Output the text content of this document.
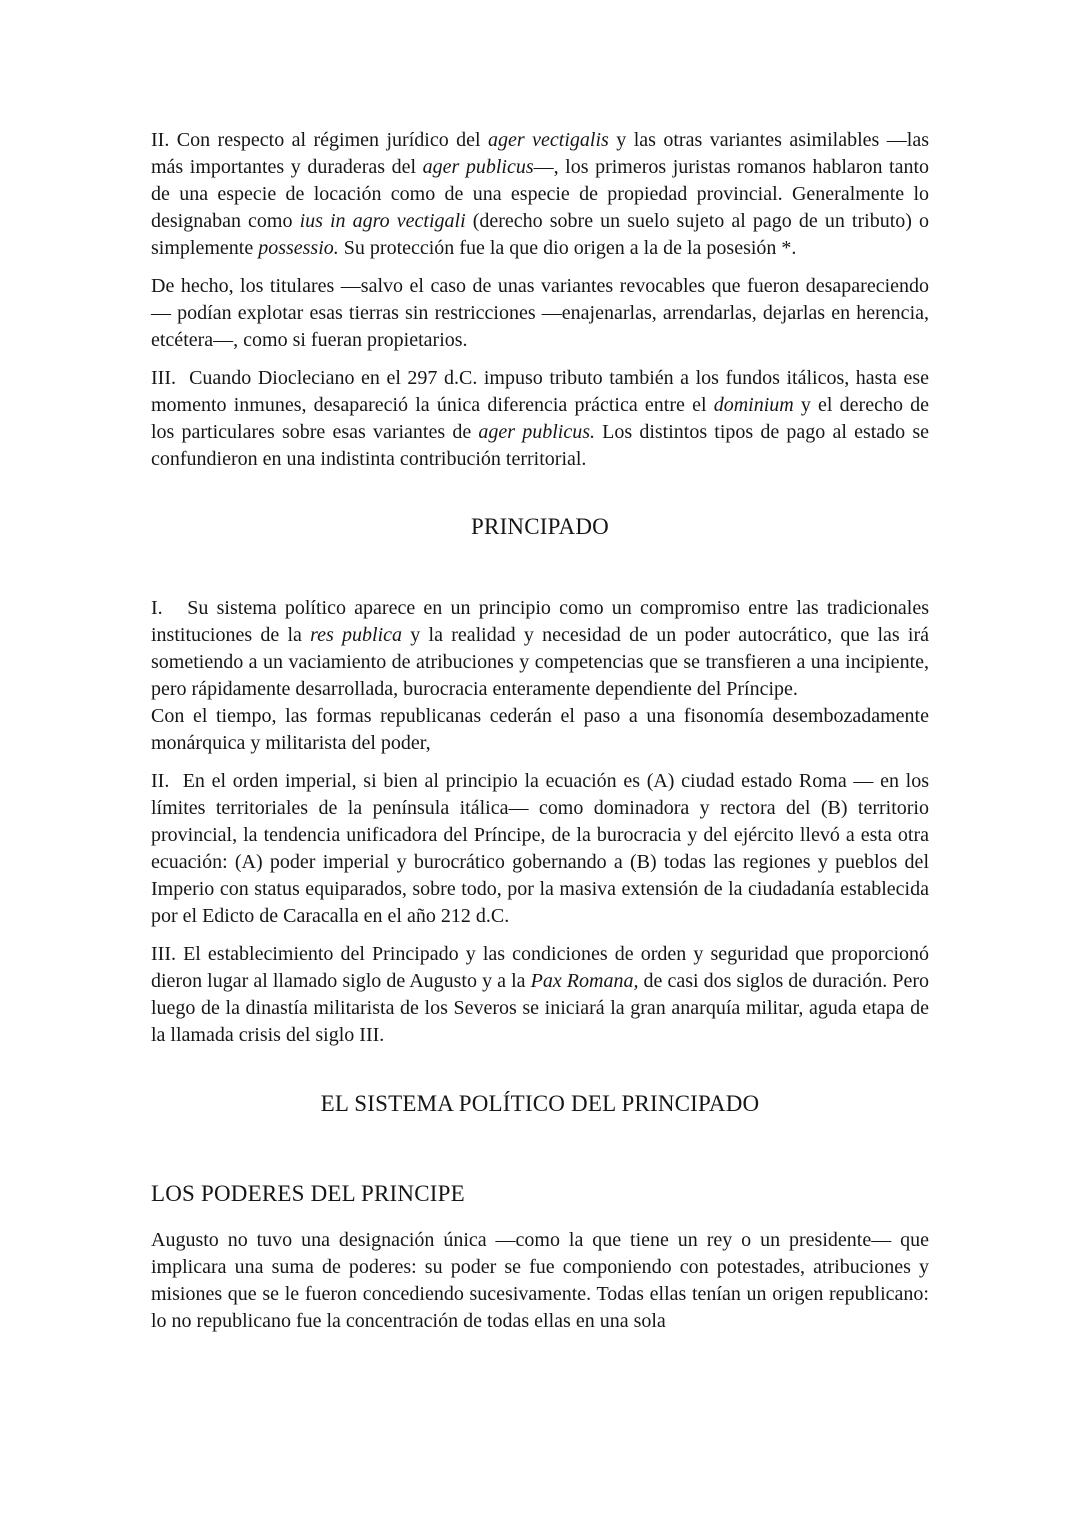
II. Con respecto al régimen jurídico del ager vectigalis y las otras variantes asimilables —las más importantes y duraderas del ager publicus—, los primeros juristas romanos hablaron tanto de una especie de locación como de una especie de propiedad provincial. Generalmente lo designaban como ius in agro vectigali (derecho sobre un suelo sujeto al pago de un tributo) o simplemente possessio. Su protección fue la que dio origen a la de la posesión *.

De hecho, los titulares —salvo el caso de unas variantes revocables que fueron desapareciendo— podían explotar esas tierras sin restricciones —enajenarlas, arrendarlas, dejarlas en herencia, etcétera—, como si fueran propietarios.

III.  Cuando Diocleciano en el 297 d.C. impuso tributo también a los fundos itálicos, hasta ese momento inmunes, desapareció la única diferencia práctica entre el dominium y el derecho de los particulares sobre esas variantes de ager publicus. Los distintos tipos de pago al estado se confundieron en una indistinta contribución territorial.

PRINCIPADO

I.   Su sistema político aparece en un principio como un compromiso entre las tradicionales instituciones de la res publica y la realidad y necesidad de un poder autocrático, que las irá sometiendo a un vaciamiento de atribuciones y competencias que se transfieren a una incipiente, pero rápidamente desarrollada, burocracia enteramente dependiente del Príncipe.
Con el tiempo, las formas republicanas cederán el paso a una fisonomía desembozadamente monárquica y militarista del poder,

II.  En el orden imperial, si bien al principio la ecuación es (A) ciudad estado Roma — en los límites territoriales de la península itálica— como dominadora y rectora del (B) territorio provincial, la tendencia unificadora del Príncipe, de la burocracia y del ejército llevó a esta otra ecuación: (A) poder imperial y burocrático gobernando a (B) todas las regiones y pueblos del Imperio con status equiparados, sobre todo, por la masiva extensión de la ciudadanía establecida por el Edicto de Caracalla en el año 212 d.C.

III. El establecimiento del Principado y las condiciones de orden y seguridad que proporcionó dieron lugar al llamado siglo de Augusto y a la Pax Romana, de casi dos siglos de duración. Pero luego de la dinastía militarista de los Severos se iniciará la gran anarquía militar, aguda etapa de la llamada crisis del siglo III.

EL SISTEMA POLÍTICO DEL PRINCIPADO
LOS PODERES DEL PRINCIPE

Augusto no tuvo una designación única —como la que tiene un rey o un presidente— que implicara una suma de poderes: su poder se fue componiendo con potestades, atribuciones y misiones que se le fueron concediendo sucesivamente. Todas ellas tenían un origen republicano: lo no republicano fue la concentración de todas ellas en una sola
